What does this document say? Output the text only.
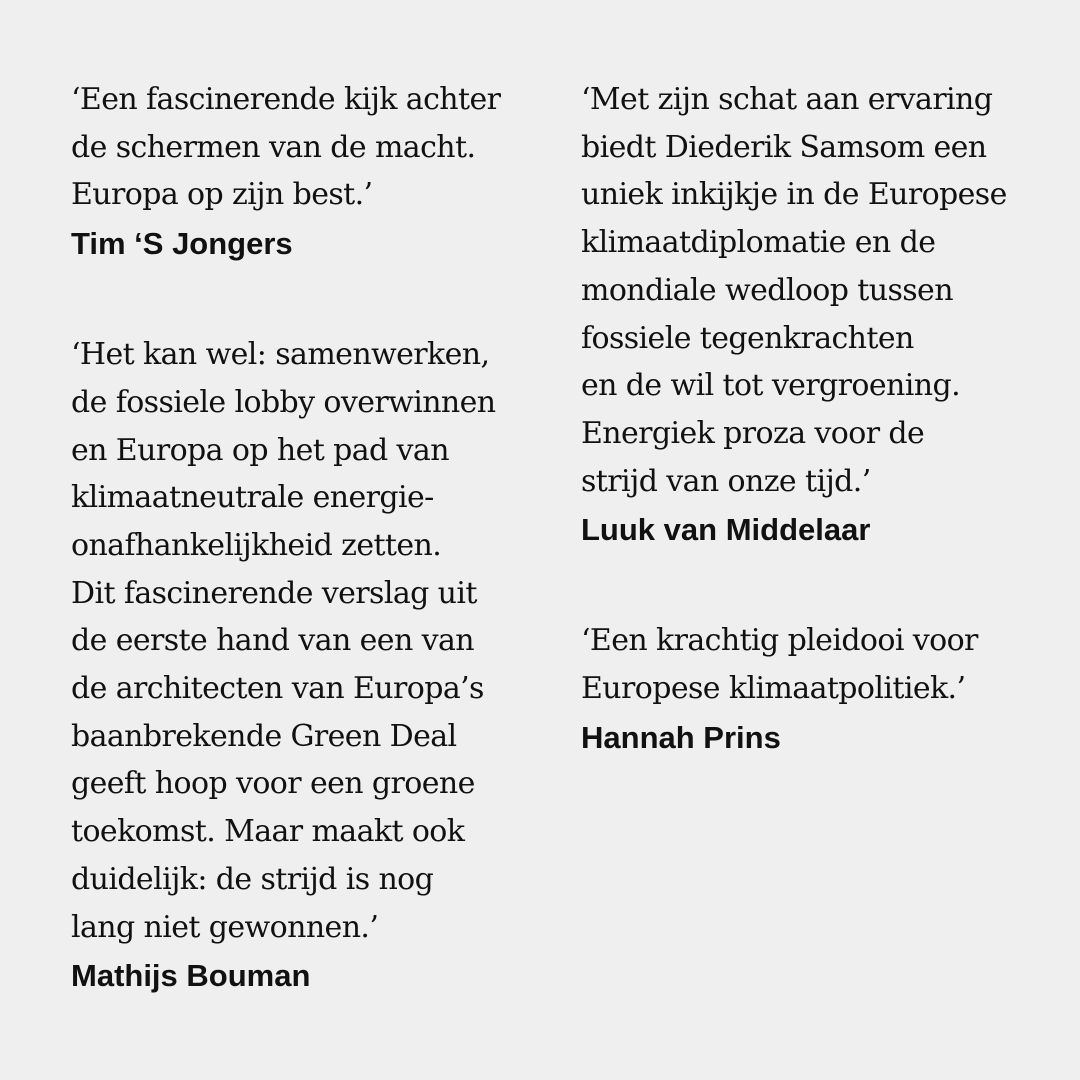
‘Een fascinerende kijk achter
de schermen van de macht.
Europa op zijn best.’

Tim ‘S Jongers

‘Het kan wel: samenwerken,
de fossiele lobby overwinnen
en Europa op het pad van
klimaatneutrale energie-
onafhankelijkheid zetten.
Dit fascinerende verslag uit
de eerste hand van een van
de architecten van Europa’s
baanbrekende Green Deal
geeft hoop voor een groene
toekomst. Maar maakt ook
duidelijk: de strijd is nog
lang niet gewonnen.’

Mathijs Bouman

‘Met zijn schat aan ervaring
biedt Diederik Samsom een
uniek inkijkje in de Europese
klimaatdiplomatie en de
mondiale wedloop tussen
fossiele tegenkrachten
en de wil tot vergroening.
Energiek proza voor de
strijd van onze tijd.’

Luuk van Middelaar

‘Een krachtig pleidooi voor
Europese klimaatpolitiek.’

Hannah Prins
